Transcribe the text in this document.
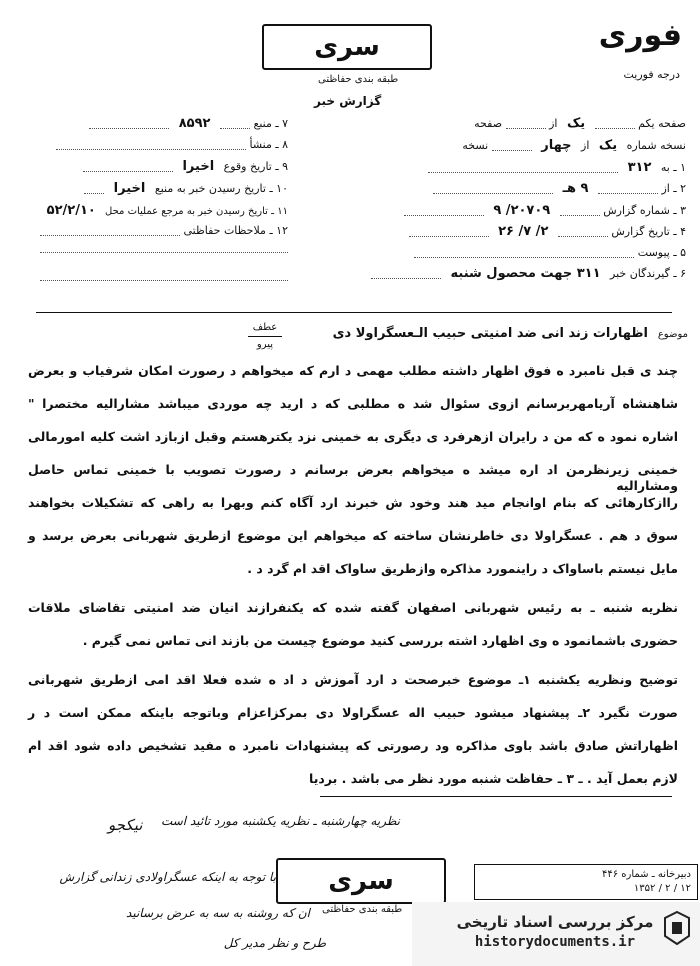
فوری
درجه فوریت
سری
طبقه بندی حفاظتی
گزارش خبر
صفحه یکم  یک از  صفحه
نسخه شماره یک از چهار  نسخه
۱ ـ به ۳۱۲
۲ ـ از  ۹ هـ
۳ ـ شماره گزارش  ۲۰۷۰۹/ ۹
۴ ـ تاریخ گزارش  ۲/ ۷/ ۲۶
۵ ـ پیوست
۶ ـ گیرندگان خبر ۳۱۱ جهت محصول شنبه
۷ ـ منبع  ۸۵۹۲
۸ ـ منشأ
۹ ـ تاریخ وقوع اخیرا
۱۰ ـ تاریخ رسیدن خبر به منبع اخیرا
۱۱ ـ تاریخ رسیدن خبر به مرجع عملیات محل ۵۲/۲/۱۰
۱۲ ـ ملاحظات حفاظتی
موضوع اظهارات زند انی ضد امنیتی حبیب الـعسگراولا دی
عطف
پیرو
چند ی قبل نامبرد ه فوق اظهار داشته مطلب مهمی د ارم که میخواهم د رصورت امکان شرفیاب و بعرض
شاهنشاه آریامهربرسانم ازوی سئوال شد ه مطلبی که د ارید چه موردی میباشد مشارالیه مختصرا "
اشاره نمود ه که من د رایران ازهرفرد ی دیگری به خمینی نزد یکترهستم وقبل ازبازد اشت کلیه امورمالی
خمینی زیرنظرمن اد اره میشد ه میخواهم بعرض برسانم د رصورت تصویب با خمینی تماس حاصل ومشارالیه
راازکارهائی که بنام اوانجام مید هند وخود ش خبرند ارد آگاه کنم وبهرا به راهی که تشکیلات بخواهند
سوق د هم . عسگراولا دی خاطرنشان ساخته که میخواهم این موضوع ازطریق شهربانی بعرض برسد و
مایل نیستم باساواک د راینمورد مذاکره وازطریق ساواک اقد ام گرد د .
نظریه شنبه ـ به رئیس شهربانی اصفهان گفته شده که یکنفرازند انیان ضد امنیتی تقاضای ملاقات
حضوری باشمانمود ه وی اظهارد اشته بررسی کنید موضوع چیست من بازند انی تماس نمی گیرم .
توضیح ونظریه یکشنبه ۱ـ موضوع خبرصحت د ارد آموزش د اد ه شده فعلا اقد امی ازطریق شهربانی
صورت نگیرد ۲ـ پیشنهاد میشود حبیب اله عسگراولا دی بمرکزاعزام وباتوجه باینکه ممکن است د ر
اظهاراتش صادق باشد باوی مذاکره ود رصورتی که پیشنهادات نامبرد ه مفید تشخیص داده شود اقد ام
لازم بعمل آید . ـ ۳ ـ حفاظت شنبه مورد نظر می باشد . بردیا
نظریه چهارشنبه ـ نظریه یکشنبه مورد تائید است
نیکجو
با توجه به اینکه عسگراولادی زندانی گزارش
ان که روشنه به سه به عرض برسانید
طرح و نظر مدیر کل
سری
طبقه بندی حفاظتی
دبیرخانه ـ شماره ۴۴۶
۱۲ / ۲ / ۱۳۵۲
مرکز بررسی اسناد تاریخی
historydocuments.ir
